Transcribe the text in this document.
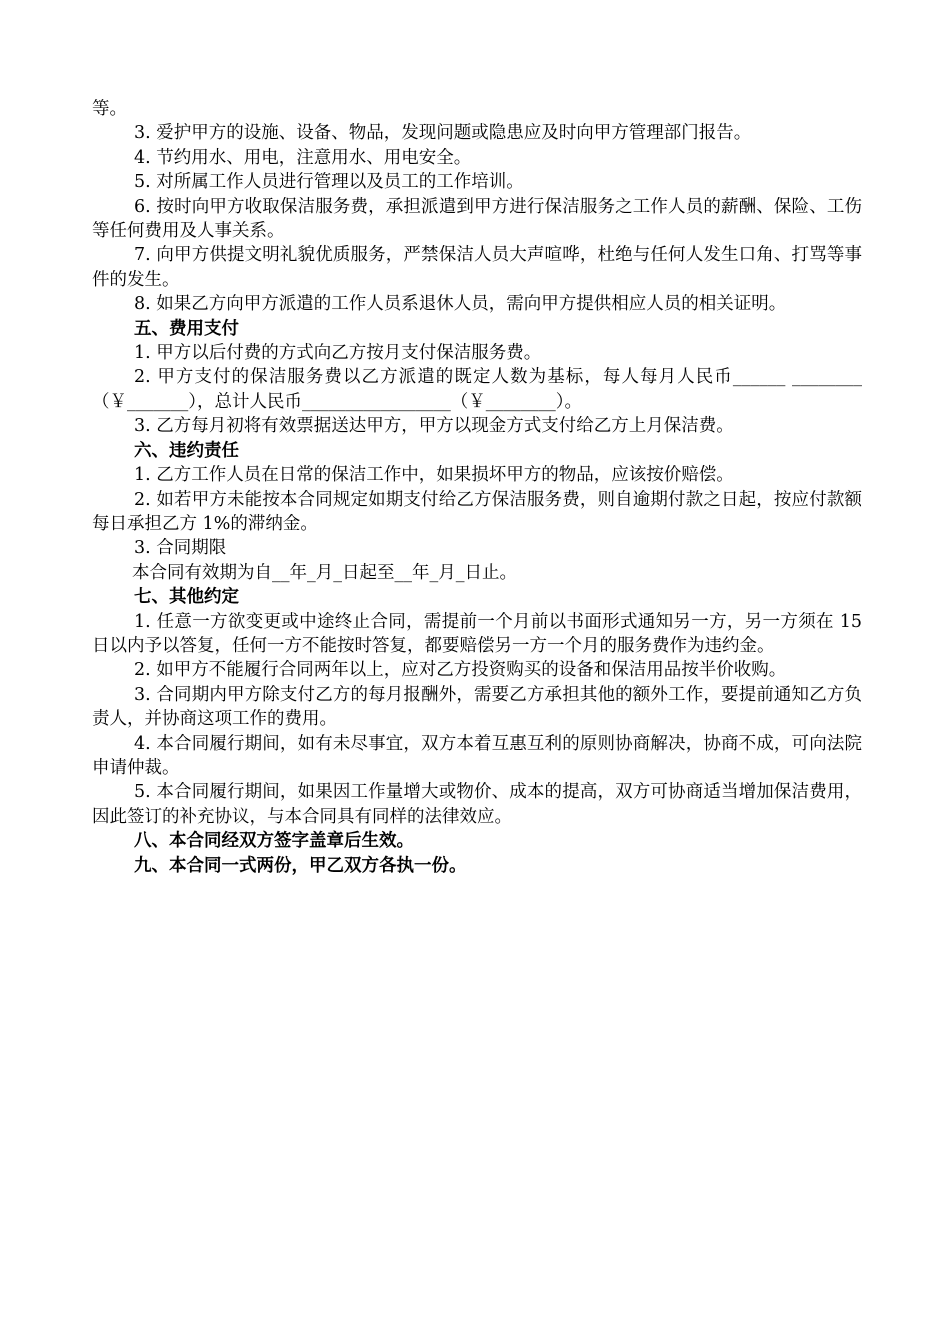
等。

3. 爱护甲方的设施、设备、物品，发现问题或隐患应及时向甲方管理部门报告。

4. 节约用水、用电，注意用水、用电安全。

5. 对所属工作人员进行管理以及员工的工作培训。

6. 按时向甲方收取保洁服务费，承担派遣到甲方进行保洁服务之工作人员的薪酬、保险、工伤等任何费用及人事关系。

7. 向甲方供提文明礼貌优质服务，严禁保洁人员大声喧哗，杜绝与任何人发生口角、打骂等事件的发生。

8. 如果乙方向甲方派遣的工作人员系退休人员，需向甲方提供相应人员的相关证明。

五、费用支付

1. 甲方以后付费的方式向乙方按月支付保洁服务费。

2. 甲方支付的保洁服务费以乙方派遣的既定人数为基标，每人每月人民币______ ________（￥_______），总计人民币_________________（￥________）。

3. 乙方每月初将有效票据送达甲方，甲方以现金方式支付给乙方上月保洁费。

六、违约责任

1. 乙方工作人员在日常的保洁工作中，如果损坏甲方的物品，应该按价赔偿。

2. 如若甲方未能按本合同规定如期支付给乙方保洁服务费，则自逾期付款之日起，按应付款额每日承担乙方 1%的滞纳金。

3. 合同期限

本合同有效期为自__年_月_日起至__年_月_日止。

七、其他约定

1. 任意一方欲变更或中途终止合同，需提前一个月前以书面形式通知另一方，另一方须在 15 日以内予以答复，任何一方不能按时答复，都要赔偿另一方一个月的服务费作为违约金。

2. 如甲方不能履行合同两年以上，应对乙方投资购买的设备和保洁用品按半价收购。

3. 合同期内甲方除支付乙方的每月报酬外，需要乙方承担其他的额外工作，要提前通知乙方负责人，并协商这项工作的费用。

4. 本合同履行期间，如有未尽事宜，双方本着互惠互利的原则协商解决，协商不成，可向法院申请仲裁。

5. 本合同履行期间，如果因工作量增大或物价、成本的提高，双方可协商适当增加保洁费用，因此签订的补充协议，与本合同具有同样的法律效应。

八、本合同经双方签字盖章后生效。

九、本合同一式两份，甲乙双方各执一份。
